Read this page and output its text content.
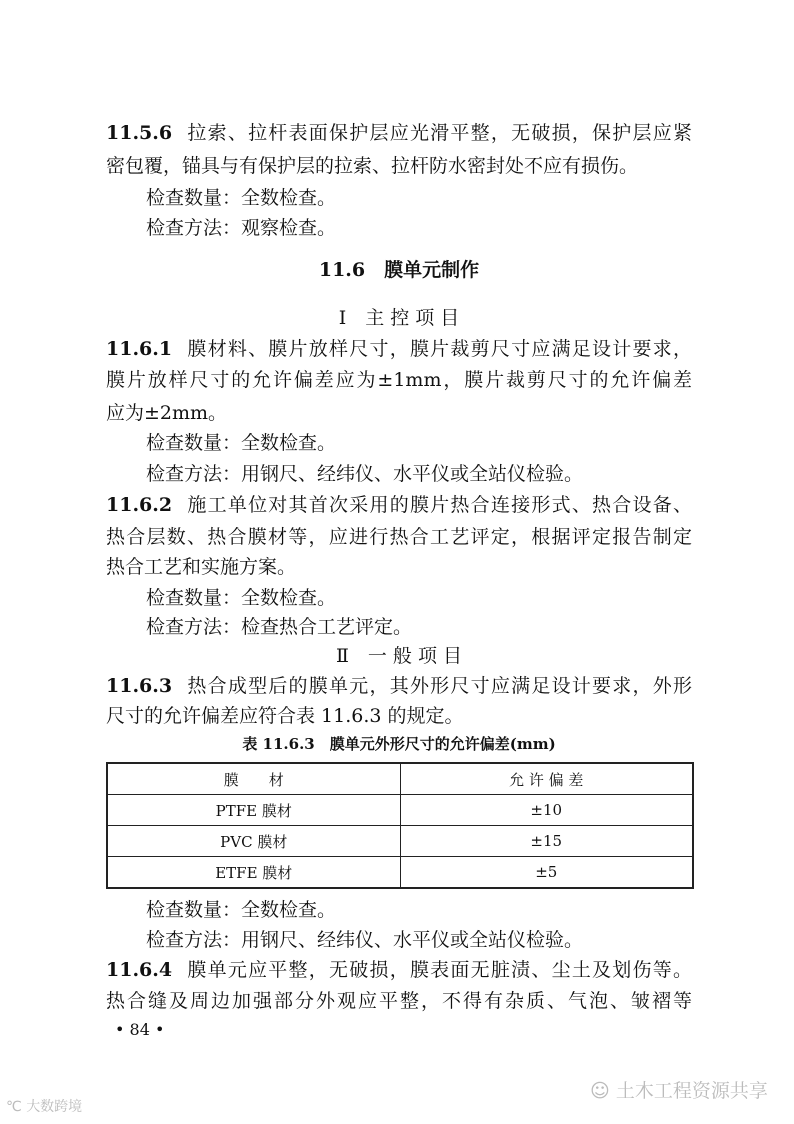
11.5.6 拉索、拉杆表面保护层应光滑平整，无破损，保护层应紧
密包覆，锚具与有保护层的拉索、拉杆防水密封处不应有损伤。
检查数量：全数检查。
检查方法：观察检查。
11.6　膜单元制作
Ⅰ　主 控 项 目
11.6.1 膜材料、膜片放样尺寸，膜片裁剪尺寸应满足设计要求，
膜片放样尺寸的允许偏差应为±1mm，膜片裁剪尺寸的允许偏差
应为±2mm。
检查数量：全数检查。
检查方法：用钢尺、经纬仪、水平仪或全站仪检验。
11.6.2 施工单位对其首次采用的膜片热合连接形式、热合设备、
热合层数、热合膜材等，应进行热合工艺评定，根据评定报告制定
热合工艺和实施方案。
检查数量：全数检查。
检查方法：检查热合工艺评定。
Ⅱ　一 般 项 目
11.6.3 热合成型后的膜单元，其外形尺寸应满足设计要求，外形
尺寸的允许偏差应符合表 11.6.3 的规定。
表 11.6.3　膜单元外形尺寸的允许偏差(mm)
膜　　材	允 许 偏 差
PTFE 膜材	±10
PVC 膜材	±15
ETFE 膜材	±5
检查数量：全数检查。
检查方法：用钢尺、经纬仪、水平仪或全站仪检验。
11.6.4 膜单元应平整，无破损，膜表面无脏渍、尘土及划伤等。
热合缝及周边加强部分外观应平整，不得有杂质、气泡、皱褶等
• 84 •
☺ 土木工程资源共享
℃ 大数跨境
